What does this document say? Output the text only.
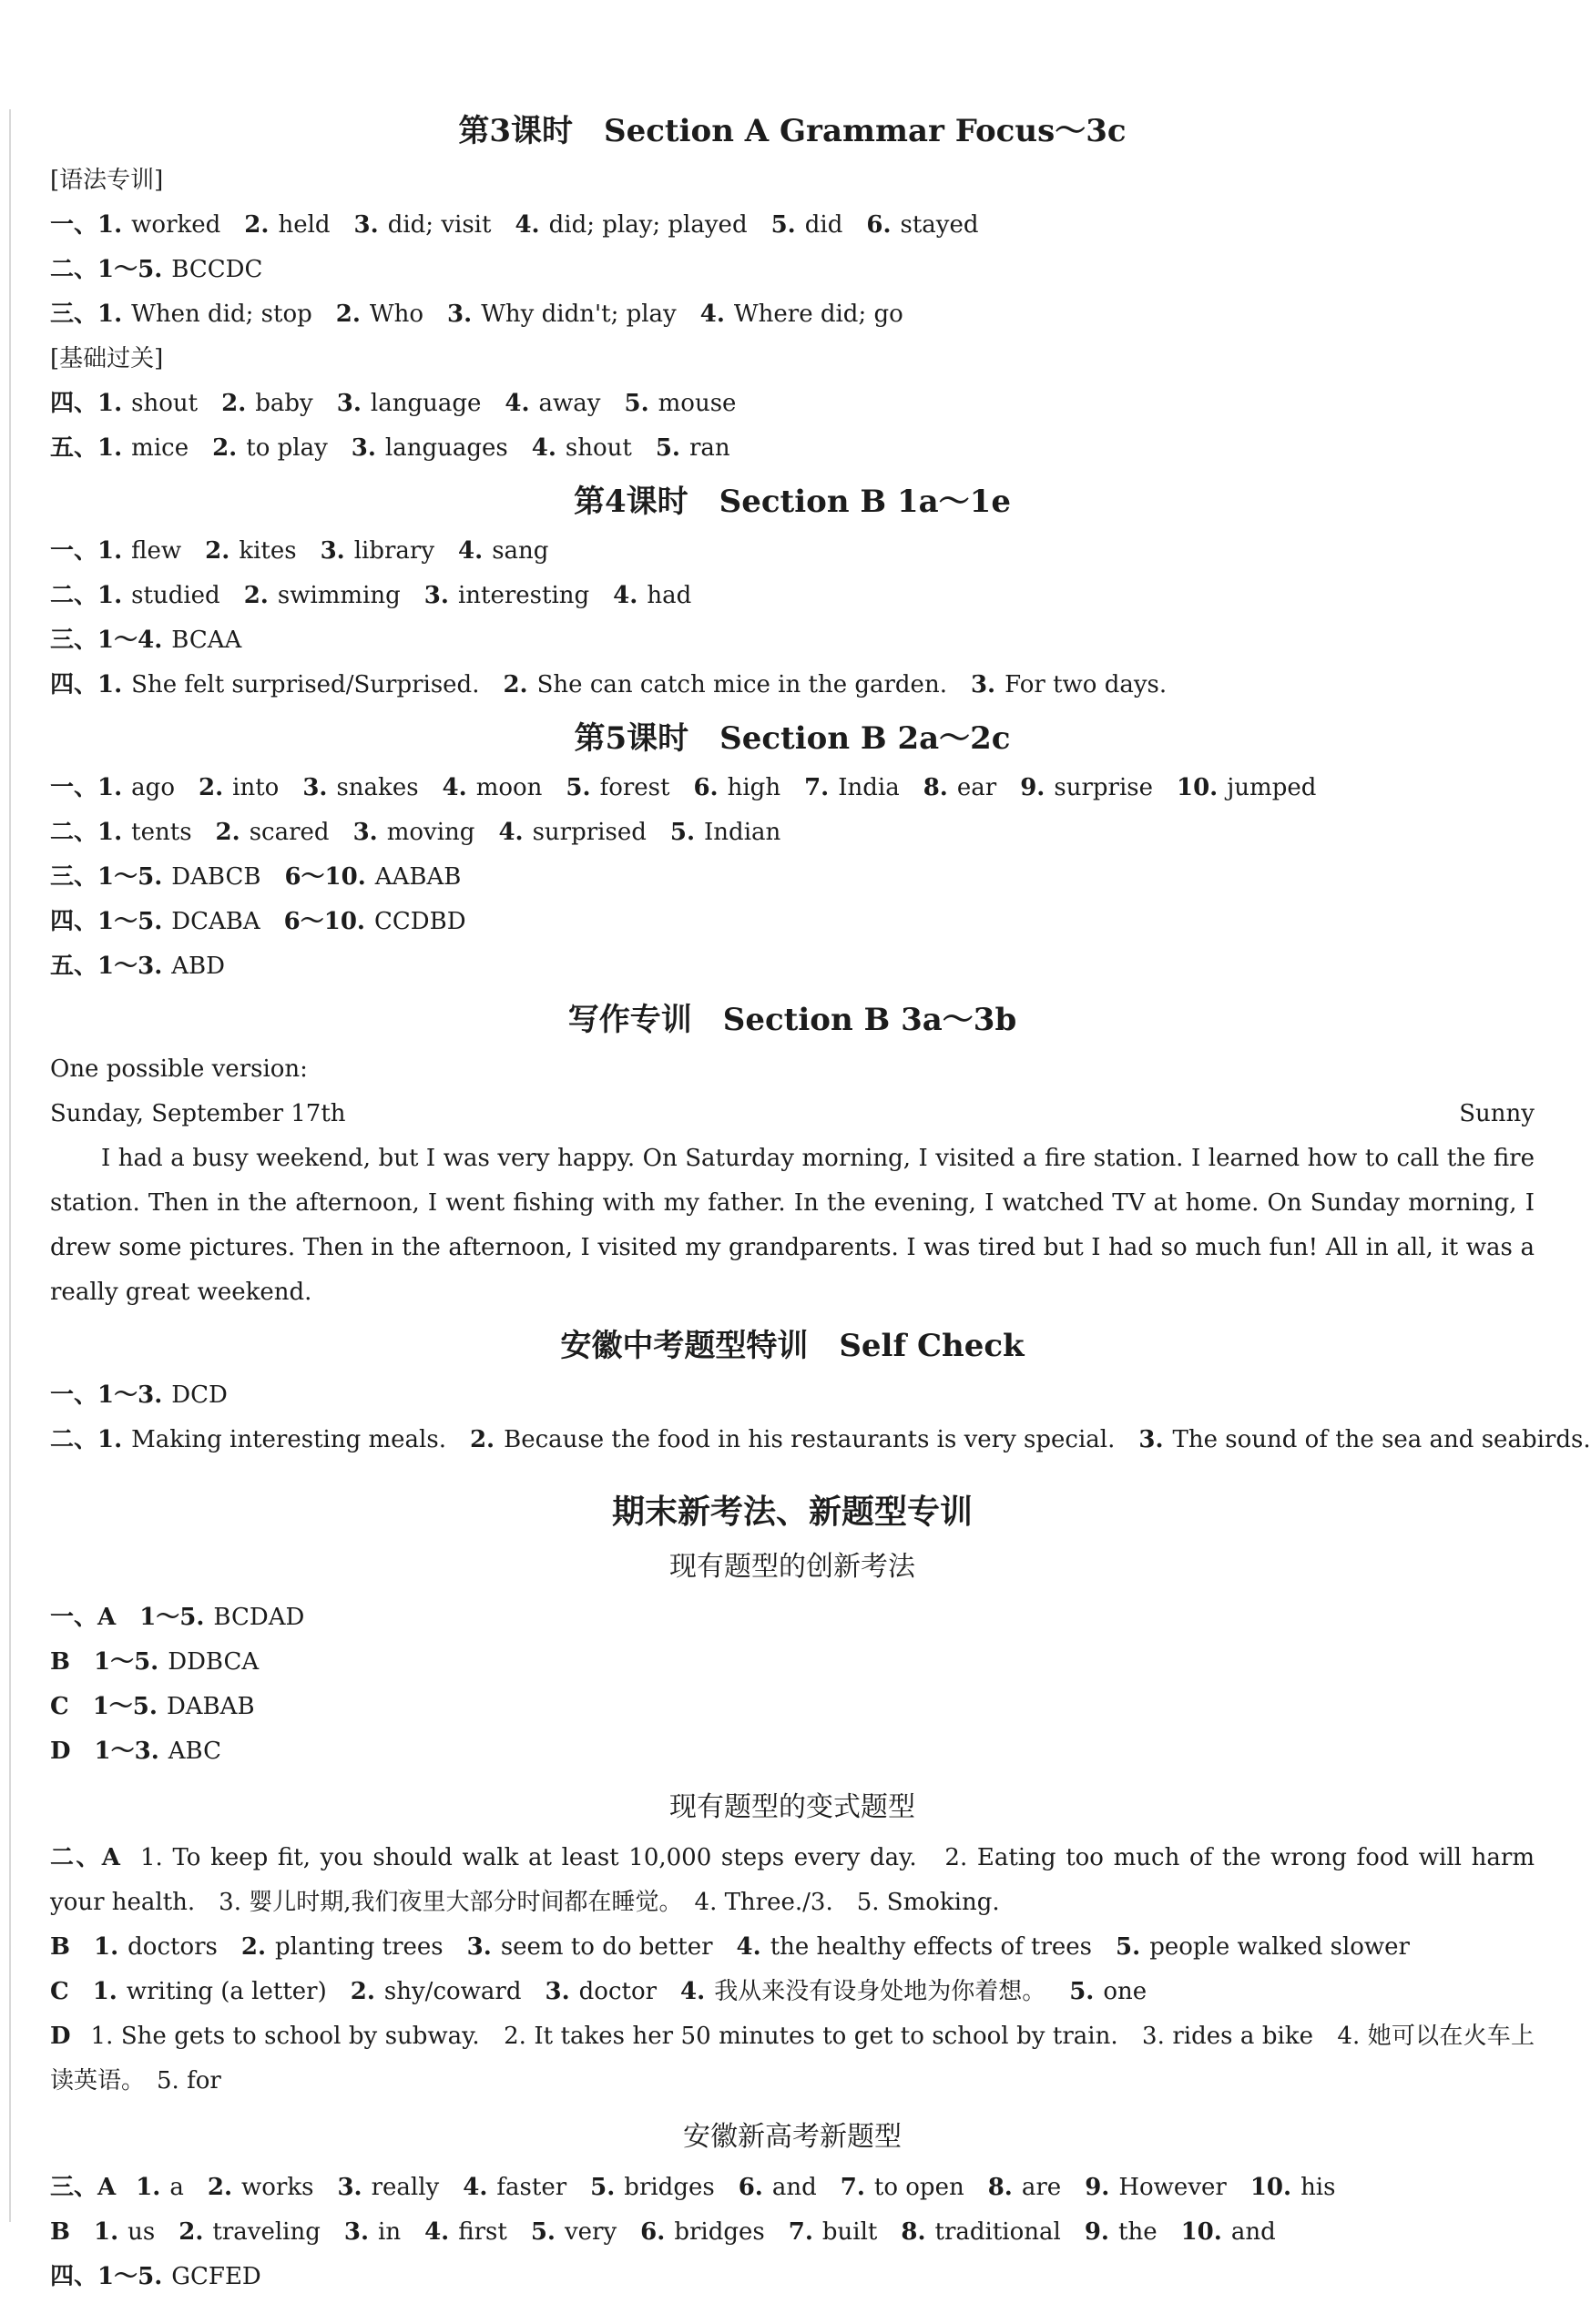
第3课时　Section A Grammar Focus～3c
[语法专训]
一、1. worked 2. held 3. did; visit 4. did; play; played 5. did 6. stayed
二、1～5. BCCDC
三、1. When did; stop 2. Who 3. Why didn't; play 4. Where did; go
[基础过关]
四、1. shout 2. baby 3. language 4. away 5. mouse
五、1. mice 2. to play 3. languages 4. shout 5. ran
第4课时　Section B 1a～1e
一、1. flew 2. kites 3. library 4. sang
二、1. studied 2. swimming 3. interesting 4. had
三、1～4. BCAA
四、1. She felt surprised/Surprised. 2. She can catch mice in the garden. 3. For two days.
第5课时　Section B 2a～2c
一、1. ago 2. into 3. snakes 4. moon 5. forest 6. high 7. India 8. ear 9. surprise 10. jumped
二、1. tents 2. scared 3. moving 4. surprised 5. Indian
三、1～5. DABCB 6～10. AABAB
四、1～5. DCABA 6～10. CCDBD
五、1～3. ABD
写作专训　Section B 3a～3b
One possible version:
Sunday, September 17th	Sunny
I had a busy weekend, but I was very happy. On Saturday morning, I visited a fire station. I learned how to call the fire station. Then in the afternoon, I went fishing with my father. In the evening, I watched TV at home. On Sunday morning, I drew some pictures. Then in the afternoon, I visited my grandparents. I was tired but I had so much fun! All in all, it was a really great weekend.
安徽中考题型特训　Self Check
一、1～3. DCD
二、1. Making interesting meals. 2. Because the food in his restaurants is very special. 3. The sound of the sea and seabirds.
期末新考法、新题型专训
现有题型的创新考法
一、A 1～5. BCDAD
B 1～5. DDBCA
C 1～5. DABAB
D 1～3. ABC
现有题型的变式题型
二、A 1. To keep fit, you should walk at least 10,000 steps every day.　2. Eating too much of the wrong food will harm your health.　3. 婴儿时期,我们夜里大部分时间都在睡觉。　4. Three./3.　5. Smoking.
B 1. doctors 2. planting trees 3. seem to do better 4. the healthy effects of trees 5. people walked slower
C 1. writing (a letter) 2. shy/coward 3. doctor 4. 我从来没有设身处地为你着想。 5. one
D 1. She gets to school by subway.　2. It takes her 50 minutes to get to school by train.　3. rides a bike　4. 她可以在火车上读英语。　5. for
安徽新高考新题型
三、A 1. a 2. works 3. really 4. faster 5. bridges 6. and 7. to open 8. are 9. However 10. his
B 1. us 2. traveling 3. in 4. first 5. very 6. bridges 7. built 8. traditional 9. the 10. and
四、1～5. GCFED
